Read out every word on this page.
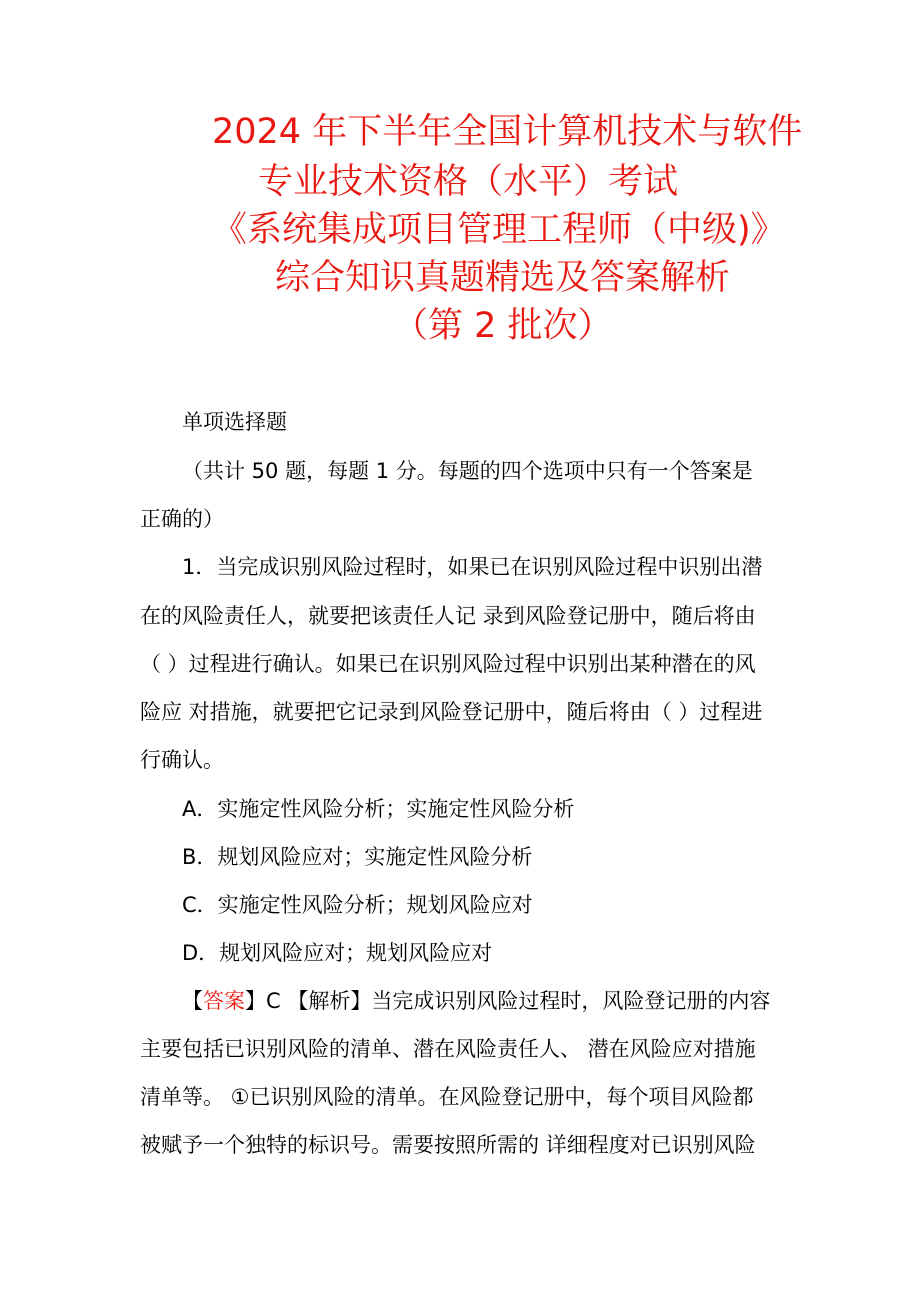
2024 年下半年全国计算机技术与软件
专业技术资格（水平）考试
《系统集成项目管理工程师（中级)》
综合知识真题精选及答案解析
（第 2 批次）
单项选择题
（共计 50 题，每题 1 分。每题的四个选项中只有一个答案是
正确的）
1．当完成识别风险过程时，如果已在识别风险过程中识别出潜
在的风险责任人，就要把该责任人记 录到风险登记册中，随后将由
（ ）过程进行确认。如果已在识别风险过程中识别出某种潜在的风
险应 对措施，就要把它记录到风险登记册中，随后将由（ ）过程进
行确认。
A．实施定性风险分析；实施定性风险分析
B．规划风险应对；实施定性风险分析
C．实施定性风险分析；规划风险应对
D．规划风险应对；规划风险应对
【答案】C 【解析】当完成识别风险过程时，风险登记册的内容
主要包括已识别风险的清单、潜在风险责任人、 潜在风险应对措施
清单等。 ①已识别风险的清单。在风险登记册中，每个项目风险都
被赋予一个独特的标识号。需要按照所需的 详细程度对已识别风险
